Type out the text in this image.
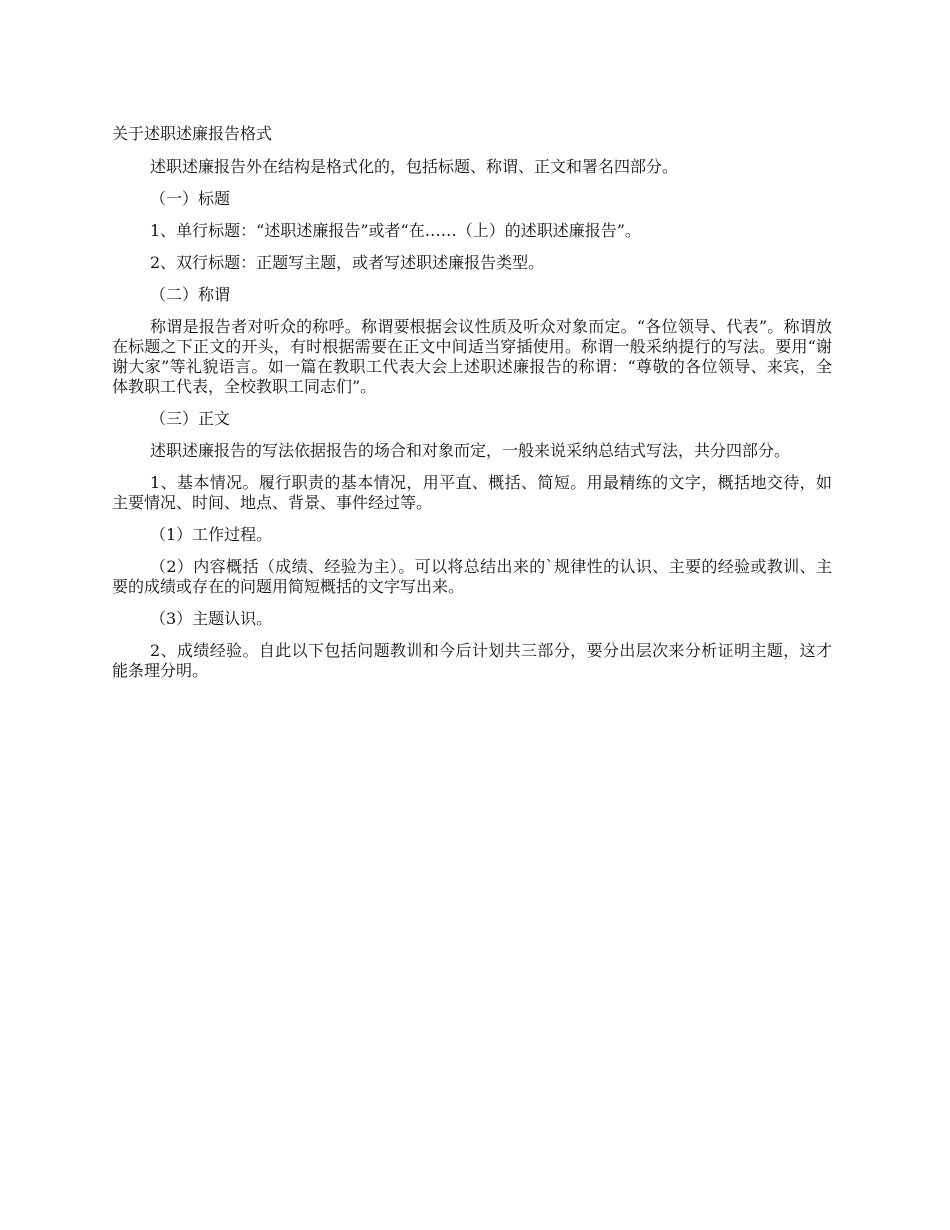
关于述职述廉报告格式

述职述廉报告外在结构是格式化的，包括标题、称谓、正文和署名四部分。

（一）标题

1、单行标题：“述职述廉报告”或者“在……（上）的述职述廉报告”。

2、双行标题：正题写主题，或者写述职述廉报告类型。

（二）称谓

称谓是报告者对听众的称呼。称谓要根据会议性质及听众对象而定。“各位领导、代表”。称谓放在标题之下正文的开头，有时根据需要在正文中间适当穿插使用。称谓一般采纳提行的写法。要用“谢谢大家”等礼貌语言。如一篇在教职工代表大会上述职述廉报告的称谓：“尊敬的各位领导、来宾，全体教职工代表，全校教职工同志们”。

（三）正文

述职述廉报告的写法依据报告的场合和对象而定，一般来说采纳总结式写法，共分四部分。

1、基本情况。履行职责的基本情况，用平直、概括、简短。用最精练的文字，概括地交待，如主要情况、时间、地点、背景、事件经过等。

（1）工作过程。

（2）内容概括（成绩、经验为主）。可以将总结出来的`规律性的认识、主要的经验或教训、主要的成绩或存在的问题用简短概括的文字写出来。

（3）主题认识。

2、成绩经验。自此以下包括问题教训和今后计划共三部分，要分出层次来分析证明主题，这才能条理分明。
